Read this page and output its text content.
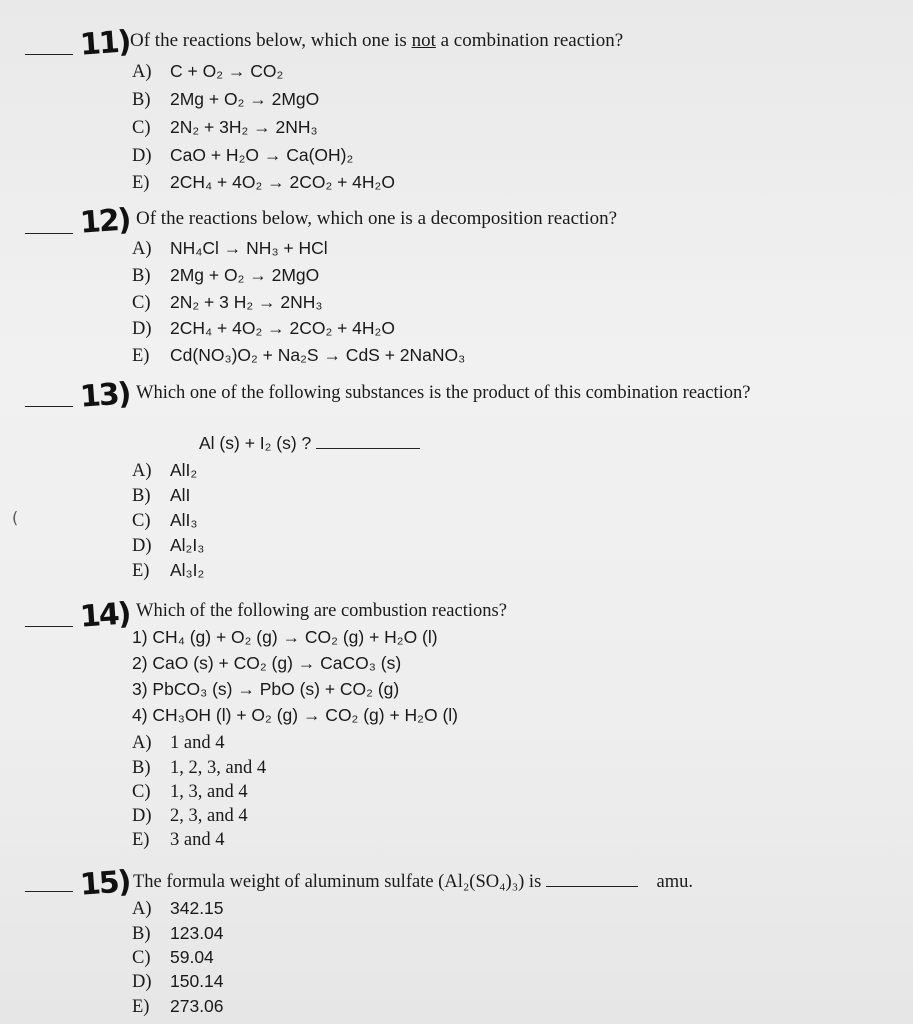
11) Of the reactions below, which one is not a combination reaction?
A) C + O₂ → CO₂
B) 2Mg + O₂ → 2MgO
C) 2N₂ + 3H₂ → 2NH₃
D) CaO + H₂O → Ca(OH)₂
E) 2CH₄ + 4O₂ → 2CO₂ + 4H₂O
12) Of the reactions below, which one is a decomposition reaction?
A) NH₄Cl → NH₃ + HCl
B) 2Mg + O₂ → 2MgO
C) 2N₂ + 3 H₂ → 2NH₃
D) 2CH₄ + 4O₂ → 2CO₂ + 4H₂O
E) Cd(NO₃)O₂ + Na₂S → CdS + 2NaNO₃
13) Which one of the following substances is the product of this combination reaction?
Al (s) + I₂ (s) ?
A) AlI₂
B) AlI
C) AlI₃
D) Al₂I₃
E) Al₃I₂
(
14) Which of the following are combustion reactions?
1) CH₄ (g) + O₂ (g) → CO₂ (g) + H₂O (l)
2) CaO (s) + CO₂ (g) → CaCO₃ (s)
3) PbCO₃ (s) → PbO (s) + CO₂ (g)
4) CH₃OH (l) + O₂ (g) → CO₂ (g) + H₂O (l)
A) 1 and 4
B) 1, 2, 3, and 4
C) 1, 3, and 4
D) 2, 3, and 4
E) 3 and 4
15) The formula weight of aluminum sulfate (Al₂(SO₄)₃) is	amu.
A) 342.15
B) 123.04
C) 59.04
D) 150.14
E) 273.06
